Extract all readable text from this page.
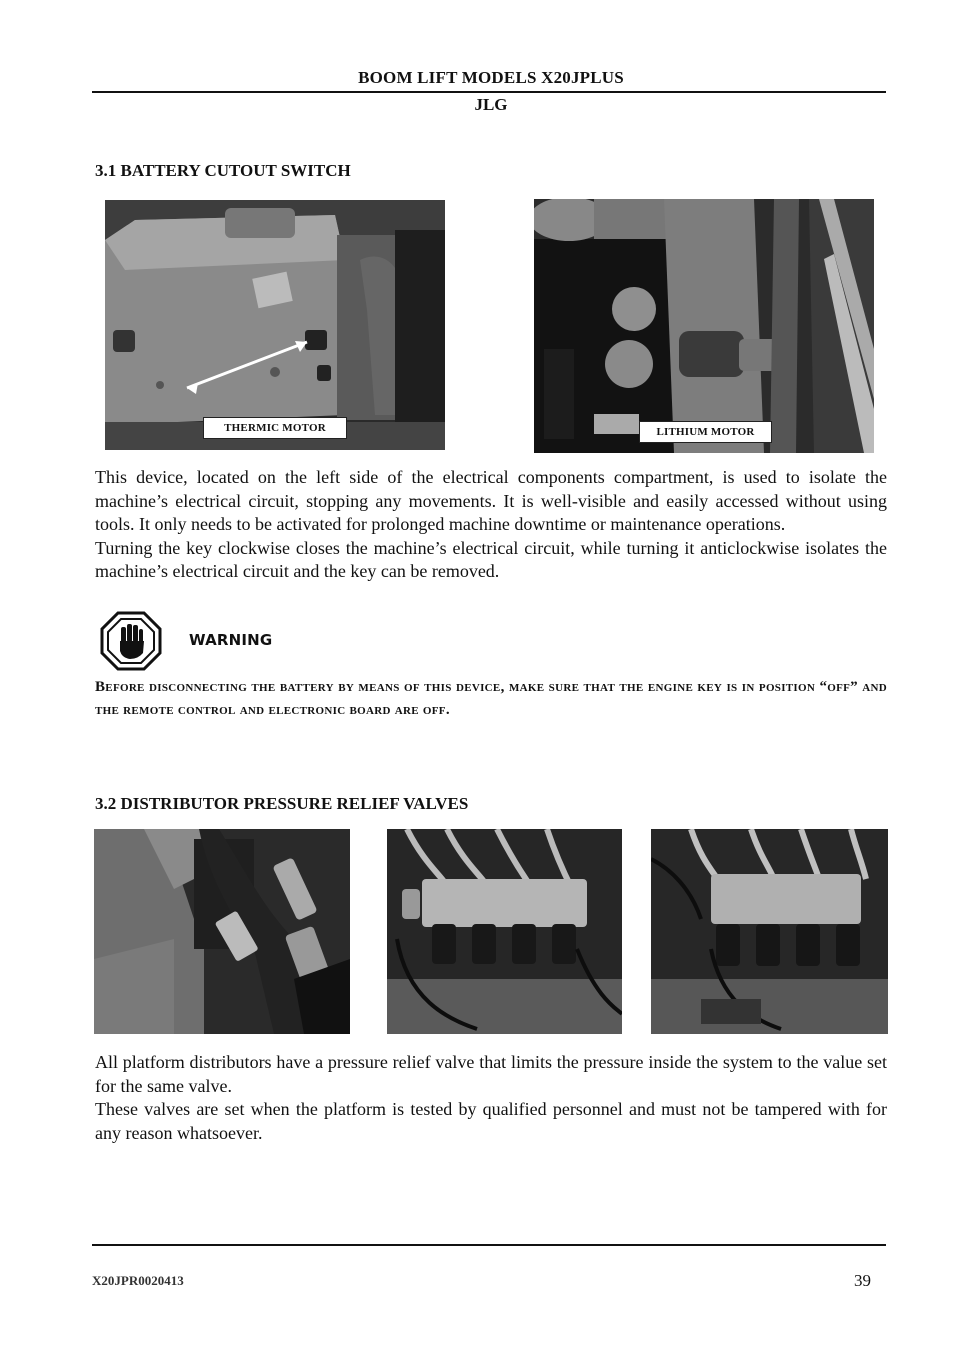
BOOM LIFT MODELS X20JPLUS
JLG
3.1 BATTERY CUTOUT SWITCH
THERMIC MOTOR	LITHIUM MOTOR

This device, located on the left side of the electrical components compartment, is used to isolate the machine’s electrical circuit, stopping any movements. It is well-visible and easily accessed without using tools. It only needs to be activated for prolonged machine downtime or maintenance operations.

Turning the key clockwise closes the machine’s electrical circuit, while turning it anticlockwise isolates the machine’s electrical circuit and the key can be removed.

WARNING
Before disconnecting the battery by means of this device, make sure that the engine key is in position “off” and the remote control and electronic board are off.
3.2 DISTRIBUTOR PRESSURE RELIEF VALVES

All platform distributors have a pressure relief valve that limits the pressure inside the system to the value set for the same valve.

These valves are set when the platform is tested by qualified personnel and must not be tampered with for any reason whatsoever.

X20JPR0020413	39
